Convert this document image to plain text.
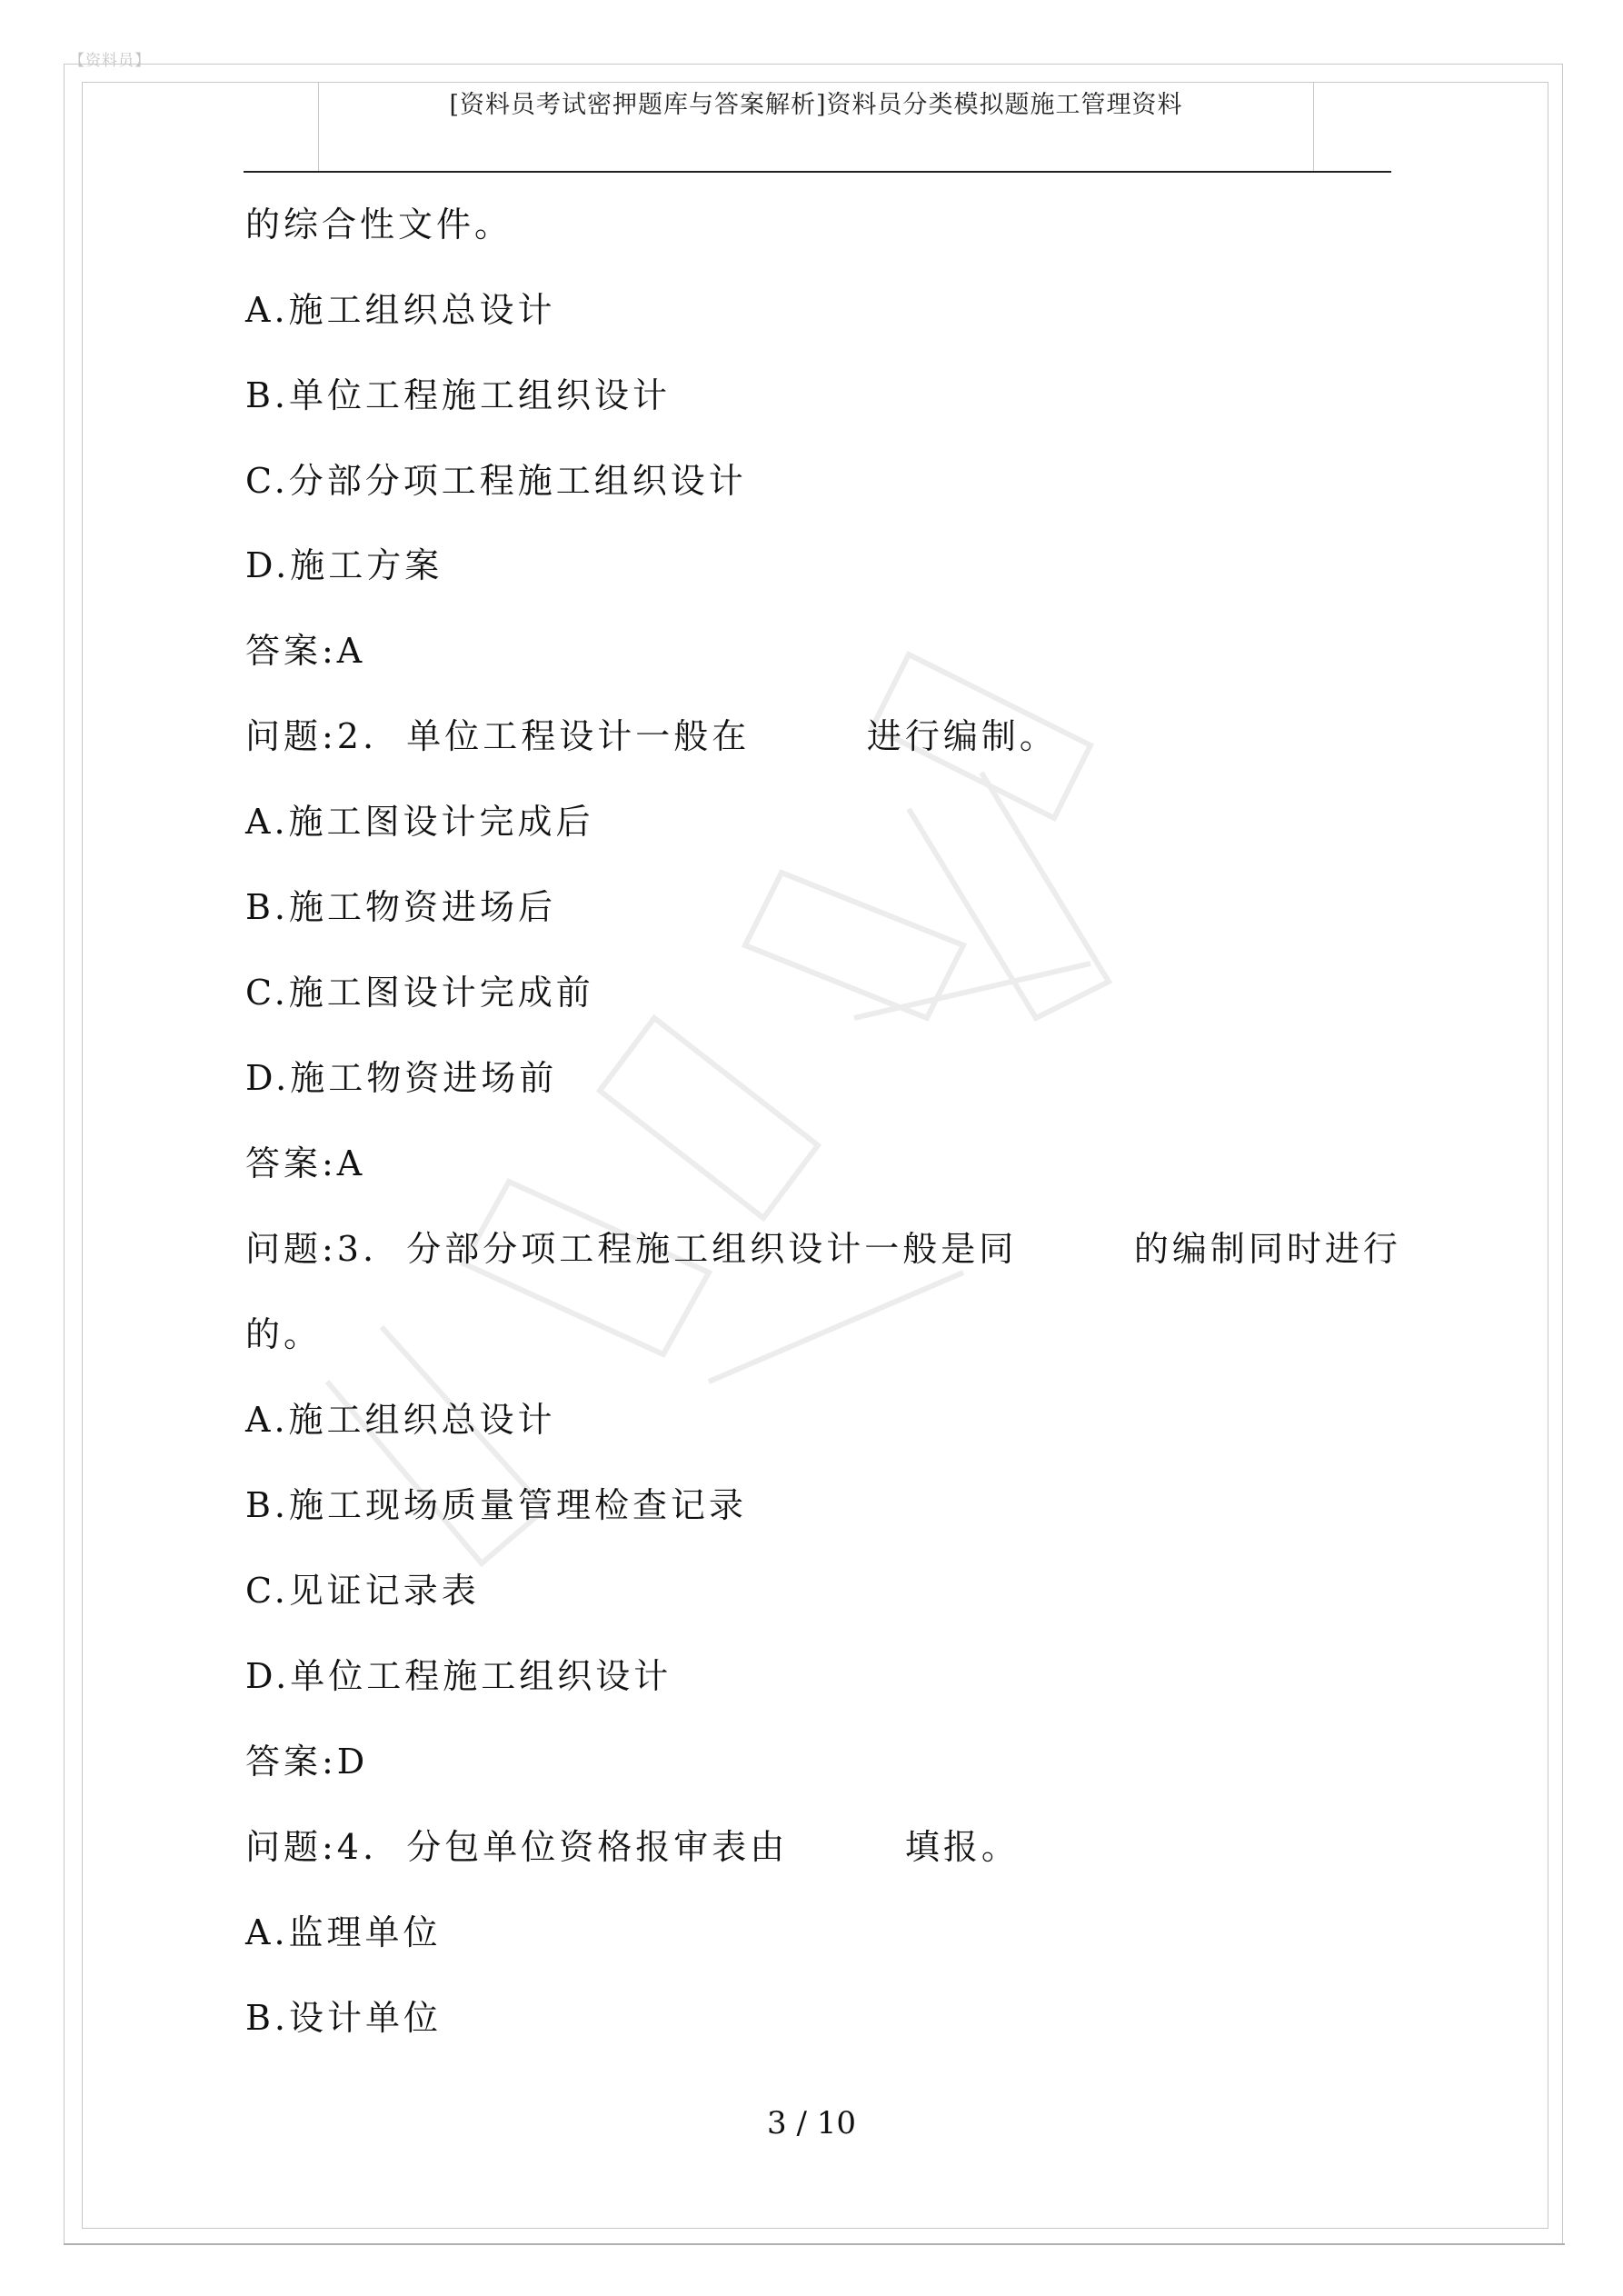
【资料员】
[资料员考试密押题库与答案解析]资料员分类模拟题施工管理资料
的综合性文件。
A.施工组织总设计
B.单位工程施工组织设计
C.分部分项工程施工组织设计
D.施工方案
答案:A
问题:2.  单位工程设计一般在        进行编制。
A.施工图设计完成后
B.施工物资进场后
C.施工图设计完成前
D.施工物资进场前
答案:A
问题:3.  分部分项工程施工组织设计一般是同        的编制同时进行
的。
A.施工组织总设计
B.施工现场质量管理检查记录
C.见证记录表
D.单位工程施工组织设计
答案:D
问题:4.  分包单位资格报审表由        填报。
A.监理单位
B.设计单位
3 / 10
